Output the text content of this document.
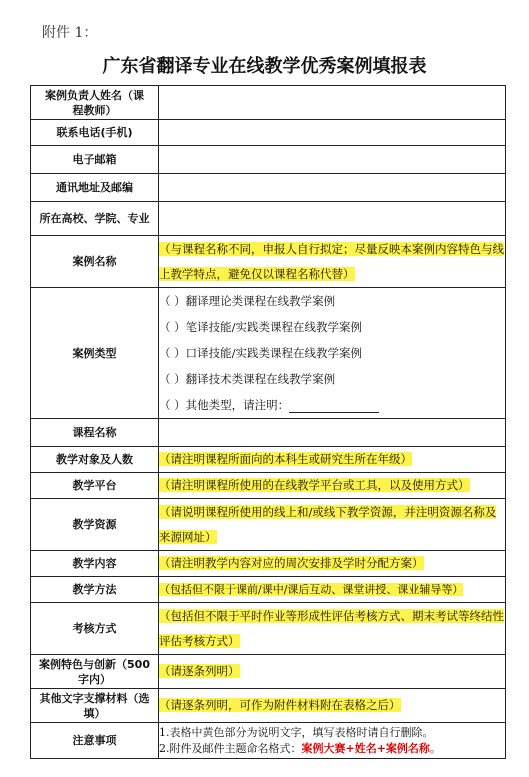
附件 1：
广东省翻译专业在线教学优秀案例填报表
案例负责人姓名（课程教师）	
联系电话(手机)	
电子邮箱	
通讯地址及邮编	
所在高校、学院、专业	
案例名称	（与课程名称不同，申报人自行拟定；尽量反映本案例内容特色与线上教学特点，避免仅以课程名称代替）
案例类型	（ ）翻译理论类课程在线教学案例
（ ）笔译技能/实践类课程在线教学案例
（ ）口译技能/实践类课程在线教学案例
（ ）翻译技术类课程在线教学案例
（ ）其他类型，请注明：

课程名称	
教学对象及人数	（请注明课程所面向的本科生或研究生所在年级）
教学平台	（请注明课程所使用的在线教学平台或工具，以及使用方式）
教学资源	（请说明课程所使用的线上和/或线下教学资源，并注明资源名称及来源网址）
教学内容	（请注明教学内容对应的周次安排及学时分配方案）
教学方法	（包括但不限于课前/课中/课后互动、课堂讲授、课业辅导等）
考核方式	（包括但不限于平时作业等形成性评估考核方式、期末考试等终结性评估考核方式）
案例特色与创新（500 字内）	（请逐条列明）
其他文字支撑材料（选填）	（请逐条列明，可作为附件材料附在表格之后）
注意事项	1.表格中黄色部分为说明文字，填写表格时请自行删除。
2.附件及邮件主题命名格式：案例大赛+姓名+案例名称。
